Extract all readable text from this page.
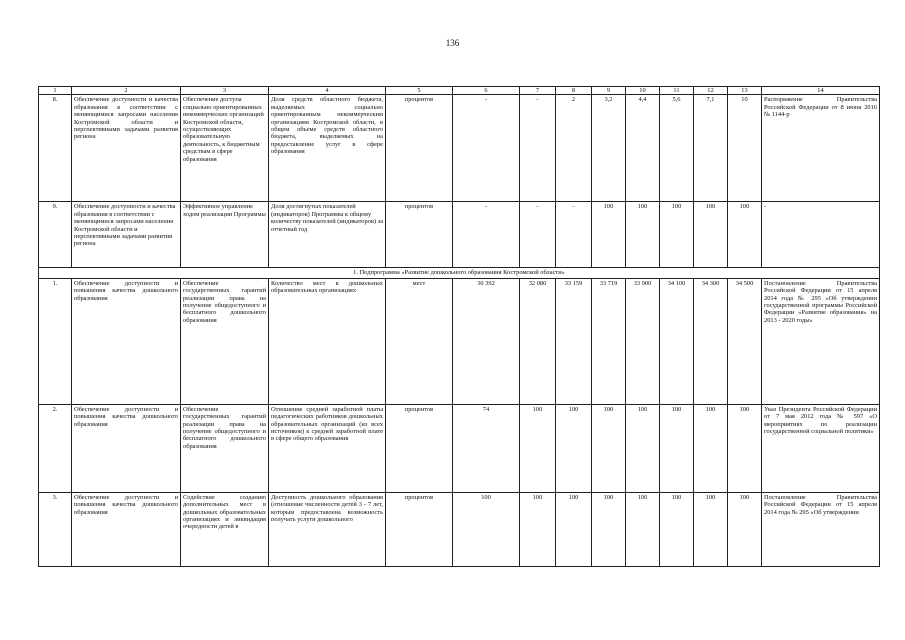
136
1	2	3	4	5	6	7	8	9	10	11	12	13	14
8.	Обеспечение доступности и качества образования в соответствии с меняющимися запросами населения Костромской области и перспективными задачами развития региона	Обеспечение доступа социально ориентированных некоммерческих организаций Костромской области, осуществляющих образовательную деятельность, к бюджетным средствам в сфере образования	Доля средств областного бюджета, выделяемых социально ориентированным некоммерческим организациям Костромской области, в общем объеме средств областного бюджета, выделяемых на предоставление услуг в сфере образования	процентов	-	-	2	3,2	4,4	5,6	7,1	10	Распоряжение Правительства Российской Федерации от 8 июня 2016 № 1144-р
9.	Обеспечение доступности и качества образования в соответствии с меняющимися запросами населения Костромской области и перспективными задачами развития региона	Эффективное управление ходом реализации Программы	Доля достигнутых показателей (индикаторов) Программы к общему количеству показателей (индикаторов) за отчетный год	процентов	-	-	-	100	100	100	100	100	-
1. Подпрограмма «Развитие дошкольного образования Костромской области»													
1.	Обеспечение доступности и повышения качества дошкольного образования	Обеспечение государственных гарантий реализации права на получение общедоступного и бесплатного дошкольного образования	Количество мест в дошкольных образовательных организациях	мест	30 392	32 080	33 159	33 719	33 900	34 100	34 300	34 500	Постановление Правительства Российской Федерации от 15 апреля 2014 года № 295 «Об утверждении государственной программы Российской Федерации «Развитие образования» на 2013 - 2020 годы»
2.	Обеспечение доступности и повышения качества дошкольного образования	Обеспечение государственных гарантий реализации права на получение общедоступного и бесплатного дошкольного образования	Отношение средней заработной платы педагогических работников дошкольных образовательных организаций (из всех источников) к средней заработной плате в сфере общего образования	процентов	74	100	100	100	100	100	100	100	Указ Президента Российской Федерации от 7 мая 2012 года № 597 «О мероприятиях по реализации государственной социальной политики»
3.	Обеспечение доступности и повышения качества дошкольного образования	Содействие созданию дополнительных мест в дошкольных образовательных организациях и ликвидация очередности детей в	Доступность дошкольного образования (отношение численности детей 3 - 7 лет, которым предоставлена возможность получать услуги дошкольного	процентов	100	100	100	100	100	100	100	100	Постановление Правительства Российской Федерации от 15 апреля 2014 года № 295 «Об утверждении
